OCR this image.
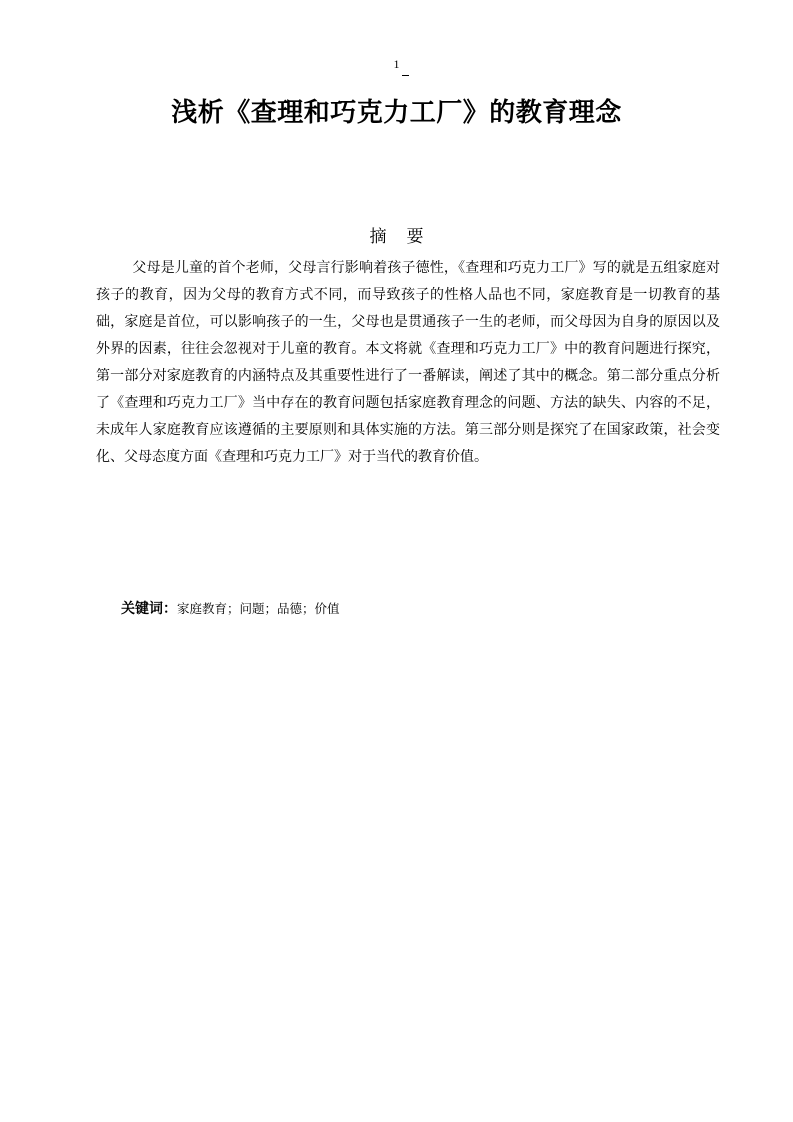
1
浅析《查理和巧克力工厂》的教育理念
摘要

父母是儿童的首个老师，父母言行影响着孩子德性，《查理和巧克力工厂》写的就是五组家庭对孩子的教育，因为父母的教育方式不同，而导致孩子的性格人品也不同，家庭教育是一切教育的基础，家庭是首位，可以影响孩子的一生，父母也是贯通孩子一生的老师，而父母因为自身的原因以及外界的因素，往往会忽视对于儿童的教育。本文将就《查理和巧克力工厂》中的教育问题进行探究，第一部分对家庭教育的内涵特点及其重要性进行了一番解读，阐述了其中的概念。第二部分重点分析了《查理和巧克力工厂》当中存在的教育问题包括家庭教育理念的问题、方法的缺失、内容的不足，未成年人家庭教育应该遵循的主要原则和具体实施的方法。第三部分则是探究了在国家政策，社会变化、父母态度方面《查理和巧克力工厂》对于当代的教育价值。

关键词：家庭教育；问题；品德；价值
